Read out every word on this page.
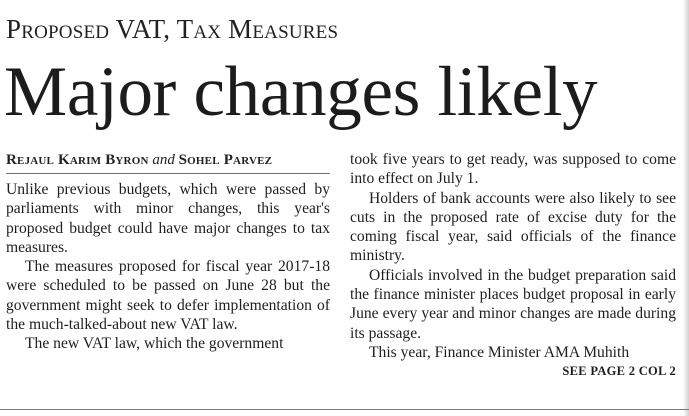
Proposed VAT, Tax Measures
Major changes likely
Rejaul Karim Byron and Sohel Parvez

Unlike previous budgets, which were passed by parliaments with minor changes, this year's proposed budget could have major changes to tax measures.

The measures proposed for fiscal year 2017-18 were scheduled to be passed on June 28 but the government might seek to defer implementation of the much-talked-about new VAT law.

The new VAT law, which the government

took five years to get ready, was supposed to come into effect on July 1.

Holders of bank accounts were also likely to see cuts in the proposed rate of excise duty for the coming fiscal year, said officials of the finance ministry.

Officials involved in the budget preparation said the finance minister places budget proposal in early June every year and minor changes are made during its passage.

This year, Finance Minister AMA Muhith

SEE PAGE 2 COL 2
